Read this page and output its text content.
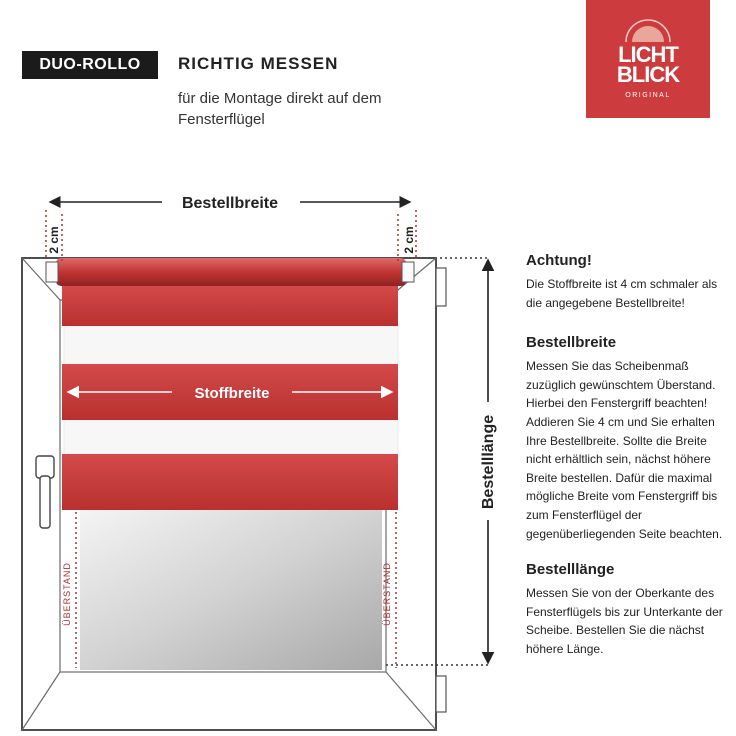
DUO-ROLLO	RICHTIG MESSEN
für die Montage direkt auf dem Fensterflügel
LICHT
BLICK
ORIGINAL
Bestellbreite
2 cm	2 cm
Stoffbreite
ÜBERSTAND	ÜBERSTAND
Bestelllänge
Achtung!

Die Stoffbreite ist 4 cm schmaler als die angegebene Bestellbreite!

Bestellbreite

Messen Sie das Scheibenmaß zuzüglich gewünschtem Überstand. Hierbei den Fenstergriff beachten! Addieren Sie 4 cm und Sie erhalten Ihre Bestellbreite. Sollte die Breite nicht erhältlich sein, nächst höhere Breite bestellen. Dafür die maximal mögliche Breite vom Fenstergriff bis zum Fensterflügel der gegenüberliegenden Seite beachten.

Bestelllänge

Messen Sie von der Oberkante des Fensterflügels bis zur Unterkante der Scheibe. Bestellen Sie die nächst höhere Länge.
